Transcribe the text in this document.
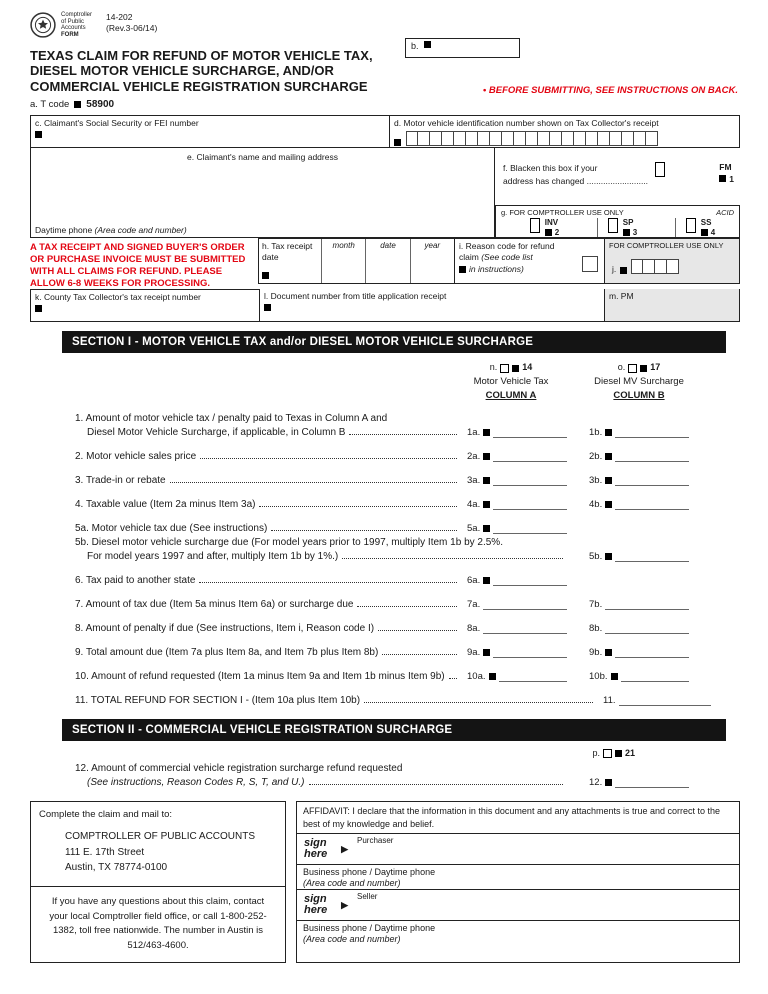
Comptroller
of Public
Accounts
FORM
14-202
(Rev.3-06/14)
b.
TEXAS CLAIM FOR REFUND OF MOTOR VEHICLE TAX,
DIESEL MOTOR VEHICLE SURCHARGE, AND/OR
COMMERCIAL VEHICLE REGISTRATION SURCHARGE	• BEFORE SUBMITTING, SEE INSTRUCTIONS ON BACK.
a. T code 58900
c. Claimant's Social Security or FEI number	d. Motor vehicle identification number shown on Tax Collector's receipt
e. Claimant's name and mailing address
Daytime phone (Area code and number)
f. Blacken this box if your
address has changed ..........................
FM
1
g. FOR COMPTROLLER USE ONLY	ACID
INV
2
SP
3
SS
4
A TAX RECEIPT AND SIGNED BUYER'S ORDER
OR PURCHASE INVOICE MUST BE SUBMITTED
WITH ALL CLAIMS FOR REFUND. PLEASE
ALLOW 6-8 WEEKS FOR PROCESSING.
h. Tax receipt
date
month	date	year	i. Reason code for refund
claim (See code list
in instructions)
FOR COMPTROLLER USE ONLY
j.
k. County Tax Collector's tax receipt number	l. Document number from title application receipt	m. PM
SECTION I - MOTOR VEHICLE TAX and/or DIESEL MOTOR VEHICLE SURCHARGE
n.	14
Motor Vehicle Tax
COLUMN A
o.	17
Diesel MV Surcharge
COLUMN B
1. Amount of motor vehicle tax / penalty paid to Texas in Column A and
Diesel Motor Vehicle Surcharge, if applicable, in Column B	1a.	1b.
2. Motor vehicle sales price	2a.	2b.
3. Trade-in or rebate	3a.	3b.
4. Taxable value (Item 2a minus Item 3a)	4a.	4b.
5a. Motor vehicle tax due (See instructions)	5a.
5b. Diesel motor vehicle surcharge due (For model years prior to 1997, multiply Item 1b by 2.5%.
For model years 1997 and after, multiply Item 1b by 1%.)	5b.
6. Tax paid to another state	6a.
7. Amount of tax due (Item 5a minus Item 6a) or surcharge due	7a.	7b.
8. Amount of penalty if due (See instructions, Item i, Reason code I)	8a.	8b.
9. Total amount due (Item 7a plus Item 8a, and Item 7b plus Item 8b)	9a.	9b.
10. Amount of refund requested (Item 1a minus Item 9a and Item 1b minus Item 9b) 10a.	10b.
11. TOTAL REFUND FOR SECTION I - (Item 10a plus Item 10b)	11.
SECTION II - COMMERCIAL VEHICLE REGISTRATION SURCHARGE
p.	21
12. Amount of commercial vehicle registration surcharge refund requested
(See instructions, Reason Codes R, S, T, and U.)	12.
Complete the claim and mail to:
COMPTROLLER OF PUBLIC ACCOUNTS
111 E. 17th Street
Austin, TX 78774-0100
If you have any questions about this claim, contact your local Comptroller field office, or call 1-800-252-1382, toll free nationwide. The number in Austin is 512/463-4600.
AFFIDAVIT: I declare that the information in this document and any attachments is true and correct to the best of my knowledge and belief.
sign
here	▶
Purchaser
Business phone / Daytime phone
(Area code and number)
sign
here	▶
Seller
Business phone / Daytime phone
(Area code and number)
